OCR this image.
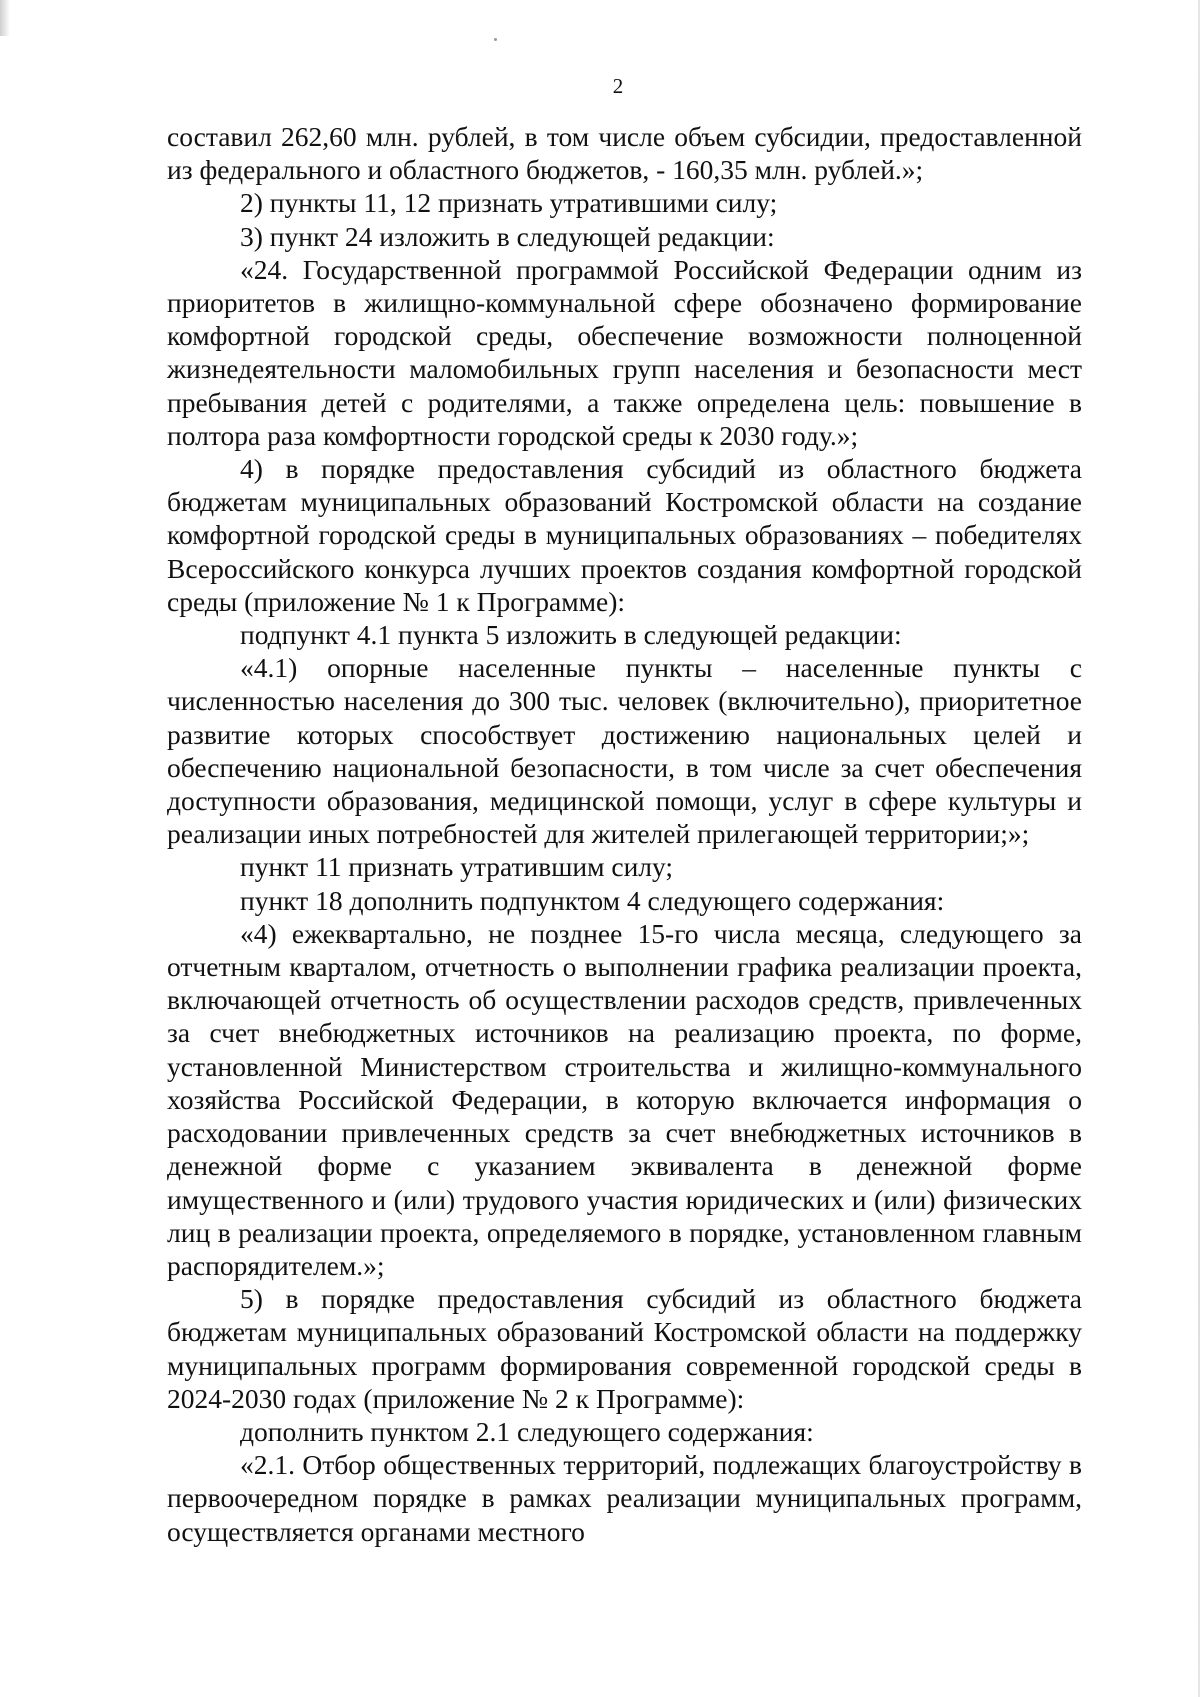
2

составил 262,60 млн. рублей, в том числе объем субсидии, предоставленной из федерального и областного бюджетов, - 160,35 млн. рублей.»;

2) пункты 11, 12 признать утратившими силу;

3) пункт 24 изложить в следующей редакции:

«24. Государственной программой Российской Федерации одним из приоритетов в жилищно-коммунальной сфере обозначено формирование комфортной городской среды, обеспечение возможности полноценной жизнедеятельности маломобильных групп населения и безопасности мест пребывания детей с родителями, а также определена цель: повышение в полтора раза комфортности городской среды к 2030 году.»;

4) в порядке предоставления субсидий из областного бюджета бюджетам муниципальных образований Костромской области на создание комфортной городской среды в муниципальных образованиях – победителях Всероссийского конкурса лучших проектов создания комфортной городской среды (приложение № 1 к Программе):

подпункт 4.1 пункта 5 изложить в следующей редакции:

«4.1) опорные населенные пункты – населенные пункты с численностью населения до 300 тыс. человек (включительно), приоритетное развитие которых способствует достижению национальных целей и обеспечению национальной безопасности, в том числе за счет обеспечения доступности образования, медицинской помощи, услуг в сфере культуры и реализации иных потребностей для жителей прилегающей территории;»;

пункт 11 признать утратившим силу;

пункт 18 дополнить подпунктом 4 следующего содержания:

«4) ежеквартально, не позднее 15-го числа месяца, следующего за отчетным кварталом, отчетность о выполнении графика реализации проекта, включающей отчетность об осуществлении расходов средств, привлеченных за счет внебюджетных источников на реализацию проекта, по форме, установленной Министерством строительства и жилищно-коммунального хозяйства Российской Федерации, в которую включается информация о расходовании привлеченных средств за счет внебюджетных источников в денежной форме с указанием эквивалента в денежной форме имущественного и (или) трудового участия юридических и (или) физических лиц в реализации проекта, определяемого в порядке, установленном главным распорядителем.»;

5) в порядке предоставления субсидий из областного бюджета бюджетам муниципальных образований Костромской области на поддержку муниципальных программ формирования современной городской среды в 2024-2030 годах (приложение № 2 к Программе):

дополнить пунктом 2.1 следующего содержания:

«2.1. Отбор общественных территорий, подлежащих благоустройству в первоочередном порядке в рамках реализации муниципальных программ, осуществляется органами местного
